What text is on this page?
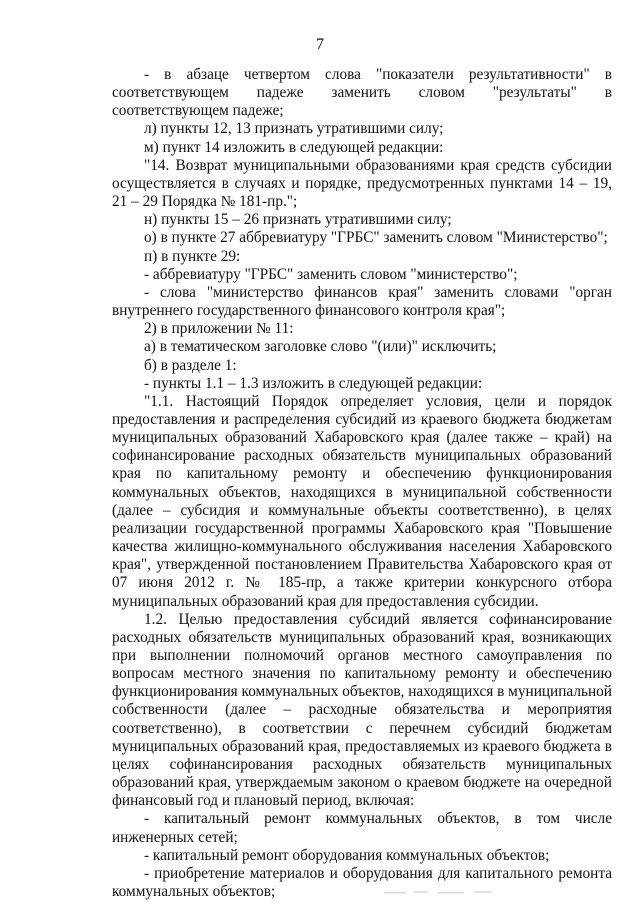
7

- в абзаце четвертом слова "показатели результативности" в соответствующем падеже заменить словом "результаты" в соответствующем падеже;

л) пункты 12, 13 признать утратившими силу;

м) пункт 14 изложить в следующей редакции:

"14. Возврат муниципальными образованиями края средств субсидии осуществляется в случаях и порядке, предусмотренных пунктами 14 – 19, 21 – 29 Порядка № 181-пр.";

н) пункты 15 – 26 признать утратившими силу;

о) в пункте 27 аббревиатуру "ГРБС" заменить словом "Министерство";

п) в пункте 29:

- аббревиатуру "ГРБС" заменить словом "министерство";

- слова "министерство финансов края" заменить словами "орган внутреннего государственного финансового контроля края";

2) в приложении № 11:

а) в тематическом заголовке слово "(или)" исключить;

б) в разделе 1:

- пункты 1.1 – 1.3 изложить в следующей редакции:

"1.1. Настоящий Порядок определяет условия, цели и порядок предоставления и распределения субсидий из краевого бюджета бюджетам муниципальных образований Хабаровского края (далее также – край) на софинансирование расходных обязательств муниципальных образований края по капитальному ремонту и обеспечению функционирования коммунальных объектов, находящихся в муниципальной собственности (далее – субсидия и коммунальные объекты соответственно), в целях реализации государственной программы Хабаровского края "Повышение качества жилищно-коммунального обслуживания населения Хабаровского края", утвержденной постановлением Правительства Хабаровского края от 07 июня 2012 г. № 185-пр, а также критерии конкурсного отбора муниципальных образований края для предоставления субсидии.

1.2. Целью предоставления субсидий является софинансирование расходных обязательств муниципальных образований края, возникающих при выполнении полномочий органов местного самоуправления по вопросам местного значения по капитальному ремонту и обеспечению функционирования коммунальных объектов, находящихся в муниципальной собственности (далее – расходные обязательства и мероприятия соответственно), в соответствии с перечнем субсидий бюджетам муниципальных образований края, предоставляемых из краевого бюджета в целях софинансирования расходных обязательств муниципальных образований края, утверждаемым законом о краевом бюджете на очередной финансовый год и плановый период, включая:

- капитальный ремонт коммунальных объектов, в том числе инженерных сетей;

- капитальный ремонт оборудования коммунальных объектов;

- приобретение материалов и оборудования для капитального ремонта коммунальных объектов;
